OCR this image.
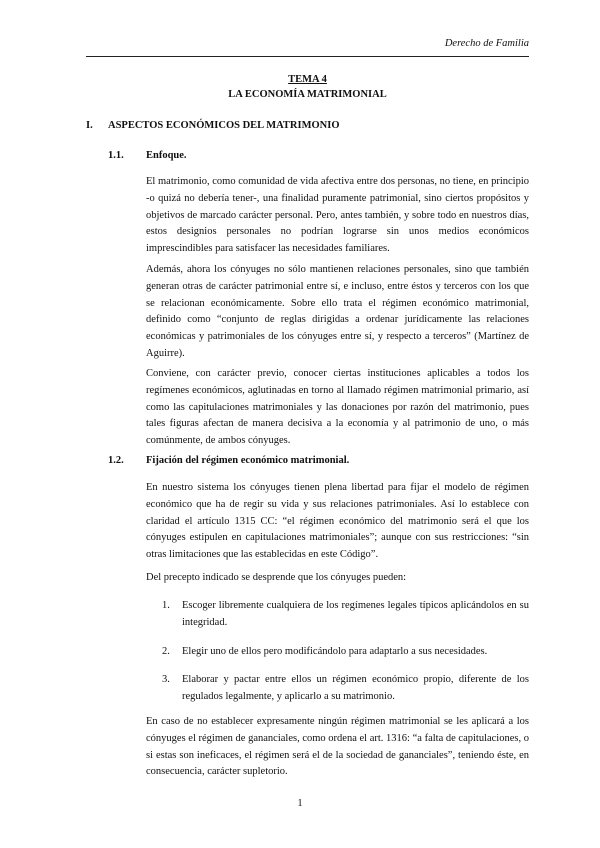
Derecho de Familia
TEMA 4
LA ECONOMÍA MATRIMONIAL
I. ASPECTOS ECONÓMICOS DEL MATRIMONIO
1.1. Enfoque.

El matrimonio, como comunidad de vida afectiva entre dos personas, no tiene, en principio -o quizá no debería tener-, una finalidad puramente patrimonial, sino ciertos propósitos y objetivos de marcado carácter personal. Pero, antes también, y sobre todo en nuestros días, estos designios personales no podrían lograrse sin unos medios económicos imprescindibles para satisfacer las necesidades familiares.

Además, ahora los cónyuges no sólo mantienen relaciones personales, sino que también generan otras de carácter patrimonial entre sí, e incluso, entre éstos y terceros con los que se relacionan económicamente. Sobre ello trata el régimen económico matrimonial, definido como “conjunto de reglas dirigidas a ordenar jurídicamente las relaciones económicas y patrimoniales de los cónyuges entre sí, y respecto a terceros” (Martínez de Aguirre).

Conviene, con carácter previo, conocer ciertas instituciones aplicables a todos los regímenes económicos, aglutinadas en torno al llamado régimen matrimonial primario, así como las capitulaciones matrimoniales y las donaciones por razón del matrimonio, pues tales figuras afectan de manera decisiva a la economía y al patrimonio de uno, o más comúnmente, de ambos cónyuges.

1.2. Fijación del régimen económico matrimonial.

En nuestro sistema los cónyuges tienen plena libertad para fijar el modelo de régimen económico que ha de regir su vida y sus relaciones patrimoniales. Así lo establece con claridad el artículo 1315 CC: “el régimen económico del matrimonio será el que los cónyuges estipulen en capitulaciones matrimoniales”; aunque con sus restricciones: “sin otras limitaciones que las establecidas en este Código”.

Del precepto indicado se desprende que los cónyuges pueden:

1.	Escoger libremente cualquiera de los regímenes legales típicos aplicándolos en su integridad.
2.	Elegir uno de ellos pero modificándolo para adaptarlo a sus necesidades.
3.	Elaborar y pactar entre ellos un régimen económico propio, diferente de los regulados legalmente, y aplicarlo a su matrimonio.

En caso de no establecer expresamente ningún régimen matrimonial se les aplicará a los cónyuges el régimen de gananciales, como ordena el art. 1316: “a falta de capitulaciones, o si estas son ineficaces, el régimen será el de la sociedad de gananciales”, teniendo éste, en consecuencia, carácter supletorio.

1
